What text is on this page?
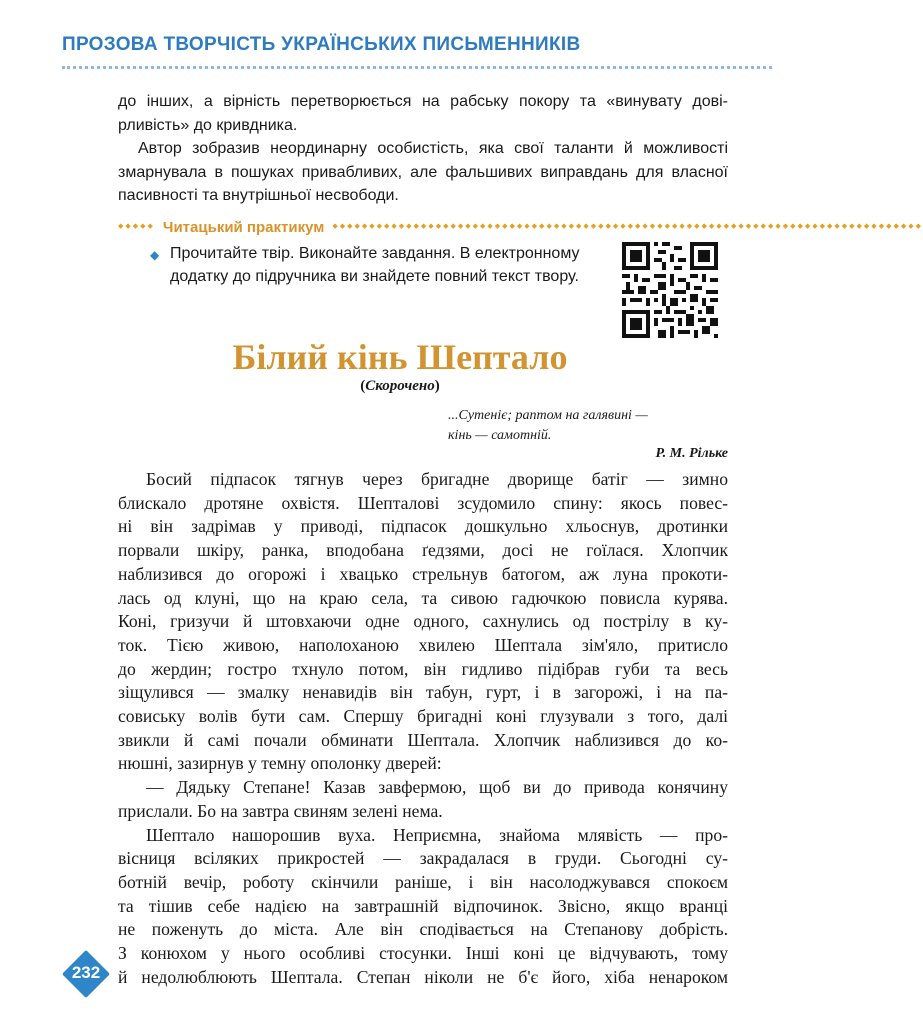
ПРОЗОВА ТВОРЧІСТЬ УКРАЇНСЬКИХ ПИСЬМЕННИКІВ

до інших, а вірність перетворюється на рабську покору та «винувату дові-

рливість» до кривдника.

Автор зобразив неординарну особистість, яка свої таланти й можливості

змарнувала в пошуках привабливих, але фальшивих виправдань для власної

пасивності та внутрішньої несвободи.

◆◆◆◆◆ Читацький практикум ◆◆◆◆◆◆◆◆◆◆◆◆◆◆◆◆◆◆◆◆◆◆◆◆◆◆◆◆◆◆◆◆◆◆◆◆◆◆◆◆◆◆◆◆◆◆◆◆◆◆◆◆◆◆◆◆◆◆◆◆◆◆◆◆◆◆◆◆◆◆◆◆◆◆◆◆◆◆◆◆
◆ Прочитайте твір. Виконайте завдання. В електронному
додатку до підручника ви знайдете повний текст твору.
Білий кінь Шептало
(Скорочено)
...Сутеніє; раптом на галявині —
кінь — самотній.
Р. М. Рільке

Босий підпасок тягнув через бригадне дворище батіг — зимно

блискало дротяне охвістя. Шепталові зсудомило спину: якось повес-

ні він задрімав у приводі, підпасок дошкульно хльоснув, дротинки

порвали шкіру, ранка, вподобана ґедзями, досі не гоїлася. Хлопчик

наблизився до огорожі і хвацько стрельнув батогом, аж луна прокоти-

лась од клуні, що на краю села, та сивою гадючкою повисла курява.

Коні, гризучи й штовхаючи одне одного, сахнулись од пострілу в ку-

ток. Тією живою, наполоханою хвилею Шептала зім'яло, притисло

до жердин; гостро тхнуло потом, він гидливо підібрав губи та весь

зіщулився — змалку ненавидів він табун, гурт, і в загорожі, і на па-

совиську волів бути сам. Спершу бригадні коні глузували з того, далі

звикли й самі почали обминати Шептала. Хлопчик наблизився до ко-

нюшні, зазирнув у темну ополонку дверей:

— Дядьку Степане! Казав завфермою, щоб ви до привода конячину

прислали. Бо на завтра свиням зелені нема.

Шептало нашорошив вуха. Неприємна, знайома млявість — про-

вісниця всіляких прикростей — закрадалася в груди. Сьогодні су-

ботній вечір, роботу скінчили раніше, і він насолоджувався спокоєм

та тішив себе надією на завтрашній відпочинок. Звісно, якщо вранці

не поженуть до міста. Але він сподівається на Степанову добрість.

З конюхом у нього особливі стосунки. Інші коні це відчувають, тому

й недолюблюють Шептала. Степан ніколи не б'є його, хіба ненароком

232
